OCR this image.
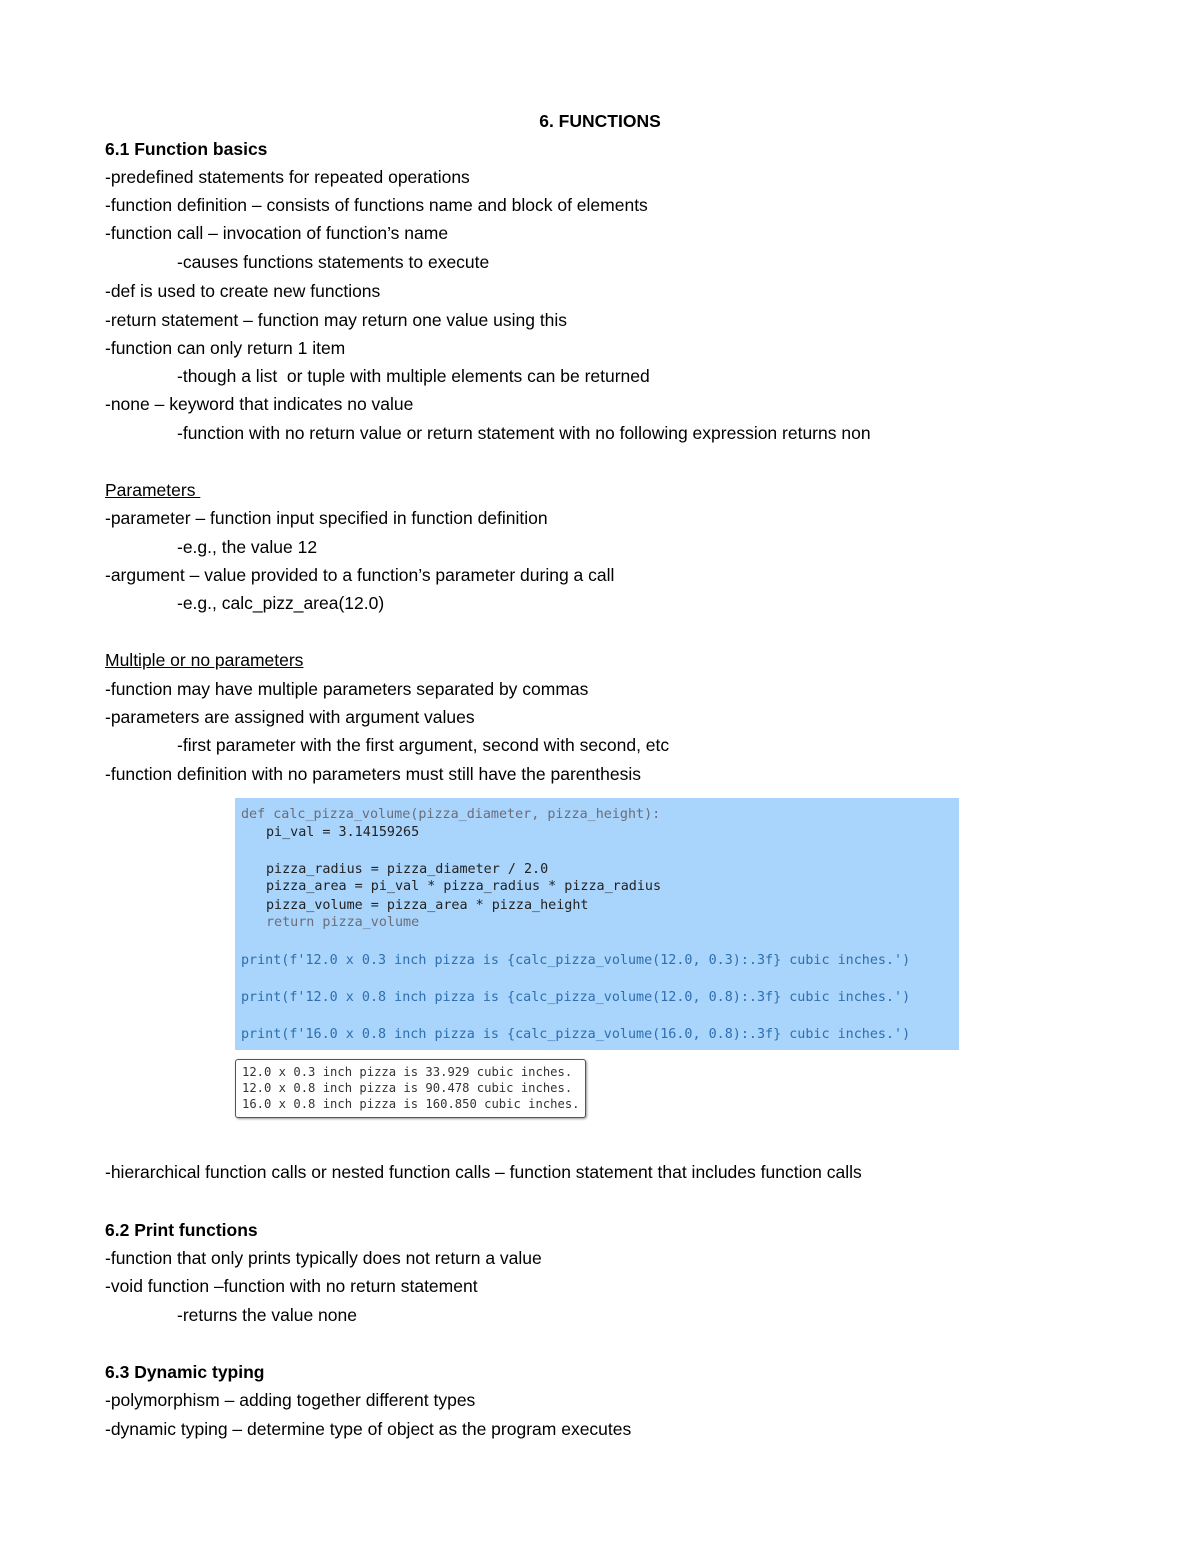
6. FUNCTIONS
6.1 Function basics
-predefined statements for repeated operations
-function definition – consists of functions name and block of elements
-function call – invocation of function’s name
-causes functions statements to execute
-def is used to create new functions
-return statement – function may return one value using this
-function can only return 1 item
-though a list  or tuple with multiple elements can be returned
-none – keyword that indicates no value
-function with no return value or return statement with no following expression returns non
Parameters
-parameter – function input specified in function definition
-e.g., the value 12
-argument – value provided to a function’s parameter during a call
-e.g., calc_pizz_area(12.0)
Multiple or no parameters
-function may have multiple parameters separated by commas
-parameters are assigned with argument values
-first parameter with the first argument, second with second, etc
-function definition with no parameters must still have the parenthesis
def calc_pizza_volume(pizza_diameter, pizza_height):
pi_val = 3.14159265
pizza_radius = pizza_diameter / 2.0
pizza_area = pi_val * pizza_radius * pizza_radius
pizza_volume = pizza_area * pizza_height
return pizza_volume
print(f'12.0 x 0.3 inch pizza is {calc_pizza_volume(12.0, 0.3):.3f} cubic inches.')
print(f'12.0 x 0.8 inch pizza is {calc_pizza_volume(12.0, 0.8):.3f} cubic inches.')
print(f'16.0 x 0.8 inch pizza is {calc_pizza_volume(16.0, 0.8):.3f} cubic inches.')
12.0 x 0.3 inch pizza is 33.929 cubic inches.
12.0 x 0.8 inch pizza is 90.478 cubic inches.
16.0 x 0.8 inch pizza is 160.850 cubic inches.
-hierarchical function calls or nested function calls – function statement that includes function calls
6.2 Print functions
-function that only prints typically does not return a value
-void function –function with no return statement
-returns the value none
6.3 Dynamic typing
-polymorphism – adding together different types
-dynamic typing – determine type of object as the program executes
